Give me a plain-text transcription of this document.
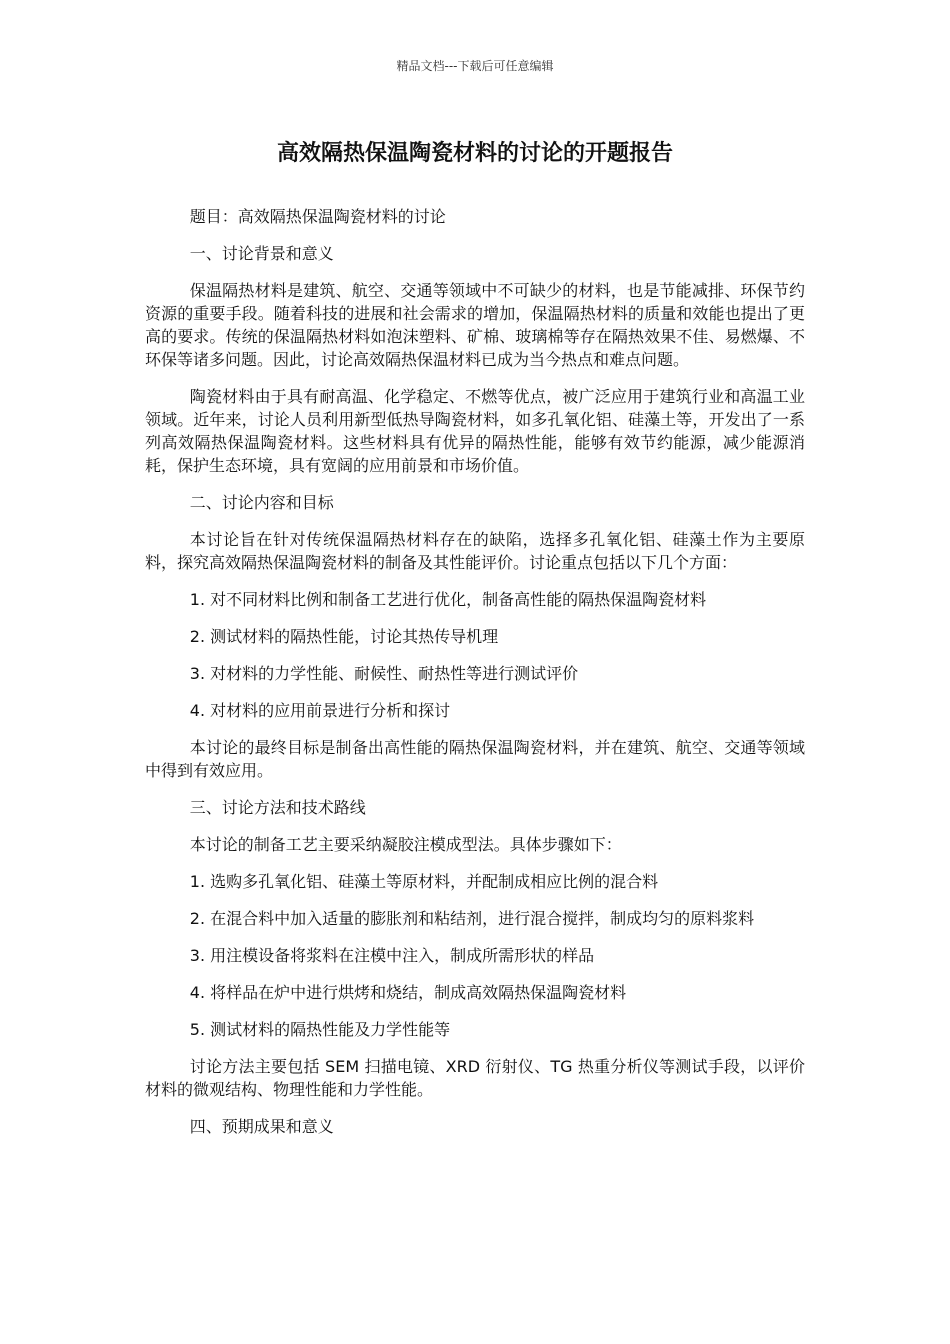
精品文档---下载后可任意编辑
高效隔热保温陶瓷材料的讨论的开题报告

题目：高效隔热保温陶瓷材料的讨论

一、讨论背景和意义

保温隔热材料是建筑、航空、交通等领域中不可缺少的材料，也是节能减排、环保节约资源的重要手段。随着科技的进展和社会需求的增加，保温隔热材料的质量和效能也提出了更高的要求。传统的保温隔热材料如泡沫塑料、矿棉、玻璃棉等存在隔热效果不佳、易燃爆、不环保等诸多问题。因此，讨论高效隔热保温材料已成为当今热点和难点问题。

陶瓷材料由于具有耐高温、化学稳定、不燃等优点，被广泛应用于建筑行业和高温工业领域。近年来，讨论人员利用新型低热导陶瓷材料，如多孔氧化铝、硅藻土等，开发出了一系列高效隔热保温陶瓷材料。这些材料具有优异的隔热性能，能够有效节约能源，减少能源消耗，保护生态环境，具有宽阔的应用前景和市场价值。

二、讨论内容和目标

本讨论旨在针对传统保温隔热材料存在的缺陷，选择多孔氧化铝、硅藻土作为主要原料，探究高效隔热保温陶瓷材料的制备及其性能评价。讨论重点包括以下几个方面：

1. 对不同材料比例和制备工艺进行优化，制备高性能的隔热保温陶瓷材料

2. 测试材料的隔热性能，讨论其热传导机理

3. 对材料的力学性能、耐候性、耐热性等进行测试评价

4. 对材料的应用前景进行分析和探讨

本讨论的最终目标是制备出高性能的隔热保温陶瓷材料，并在建筑、航空、交通等领域中得到有效应用。

三、讨论方法和技术路线

本讨论的制备工艺主要采纳凝胶注模成型法。具体步骤如下：

1. 选购多孔氧化铝、硅藻土等原材料，并配制成相应比例的混合料

2. 在混合料中加入适量的膨胀剂和粘结剂，进行混合搅拌，制成均匀的原料浆料

3. 用注模设备将浆料在注模中注入，制成所需形状的样品

4. 将样品在炉中进行烘烤和烧结，制成高效隔热保温陶瓷材料

5. 测试材料的隔热性能及力学性能等

讨论方法主要包括 SEM 扫描电镜、XRD 衍射仪、TG 热重分析仪等测试手段，以评价材料的微观结构、物理性能和力学性能。

四、预期成果和意义
